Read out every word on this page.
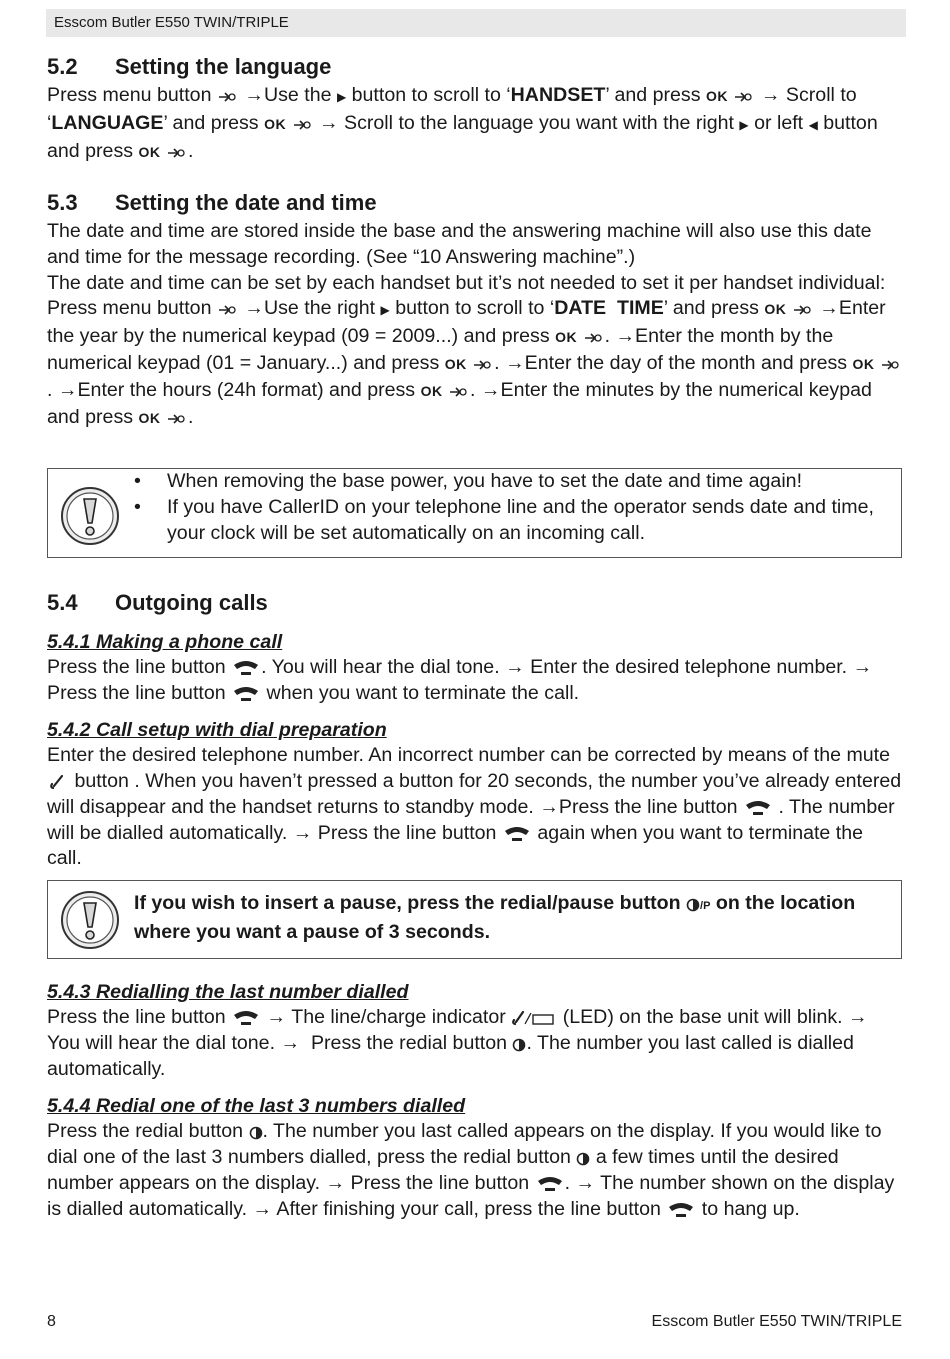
Esscom Butler E550 TWIN/TRIPLE
5.2 Setting the language

Press menu button →Use the ▶ button to scroll to ‘HANDSET’ and press OK → Scroll to ‘LANGUAGE’ and press OK → Scroll to the language you want with the right ▶ or left ◀ button and press OK .

5.3 Setting the date and time

The date and time are stored inside the base and the answering machine will also use this date and time for the message recording. (See “10 Answering machine”.)

The date and time can be set by each handset but it’s not needed to set it per handset individual:

Press menu button →Use the right ▶ button to scroll to ‘DATE  TIME’ and press OK →Enter the year by the numerical keypad (09 = 2009...) and press OK . →Enter the month by the numerical keypad (01 = January...) and press OK . →Enter the day of the month and press OK . →Enter the hours (24h format) and press OK . →Enter the minutes by the numerical keypad and press OK .

• When removing the base power, you have to set the date and time again!
• If you have CallerID on your telephone line and the operator sends date and time, your clock will be set automatically on an incoming call.
5.4 Outgoing calls
5.4.1 Making a phone call

Press the line button . You will hear the dial tone. → Enter the desired telephone number. → Press the line button  when you want to terminate the call.

5.4.2 Call setup with dial preparation

Enter the desired telephone number. An incorrect number can be corrected by means of the mute  button . When you haven’t pressed a button for 20 seconds, the number you’ve already entered will disappear and the handset returns to standby mode. →Press the line button  . The number will be dialled automatically. → Press the line button  again when you want to terminate the call.

If you wish to insert a pause, press the redial/pause button /P on the location where you want a pause of 3 seconds.

5.4.3 Redialling the last number dialled

Press the line button → The line/charge indicator	(LED) on the base unit will blink. → You will hear the dial tone. →  Press the redial button . The number you last called is dialled automatically.

5.4.4 Redial one of the last 3 numbers dialled

Press the redial button . The number you last called appears on the display. If you would like to dial one of the last 3 numbers dialled, press the redial button  a few times until the desired number appears on the display. → Press the line button . → The number shown on the display is dialled automatically. → After finishing your call, press the line button  to hang up.

8	Esscom Butler E550 TWIN/TRIPLE
